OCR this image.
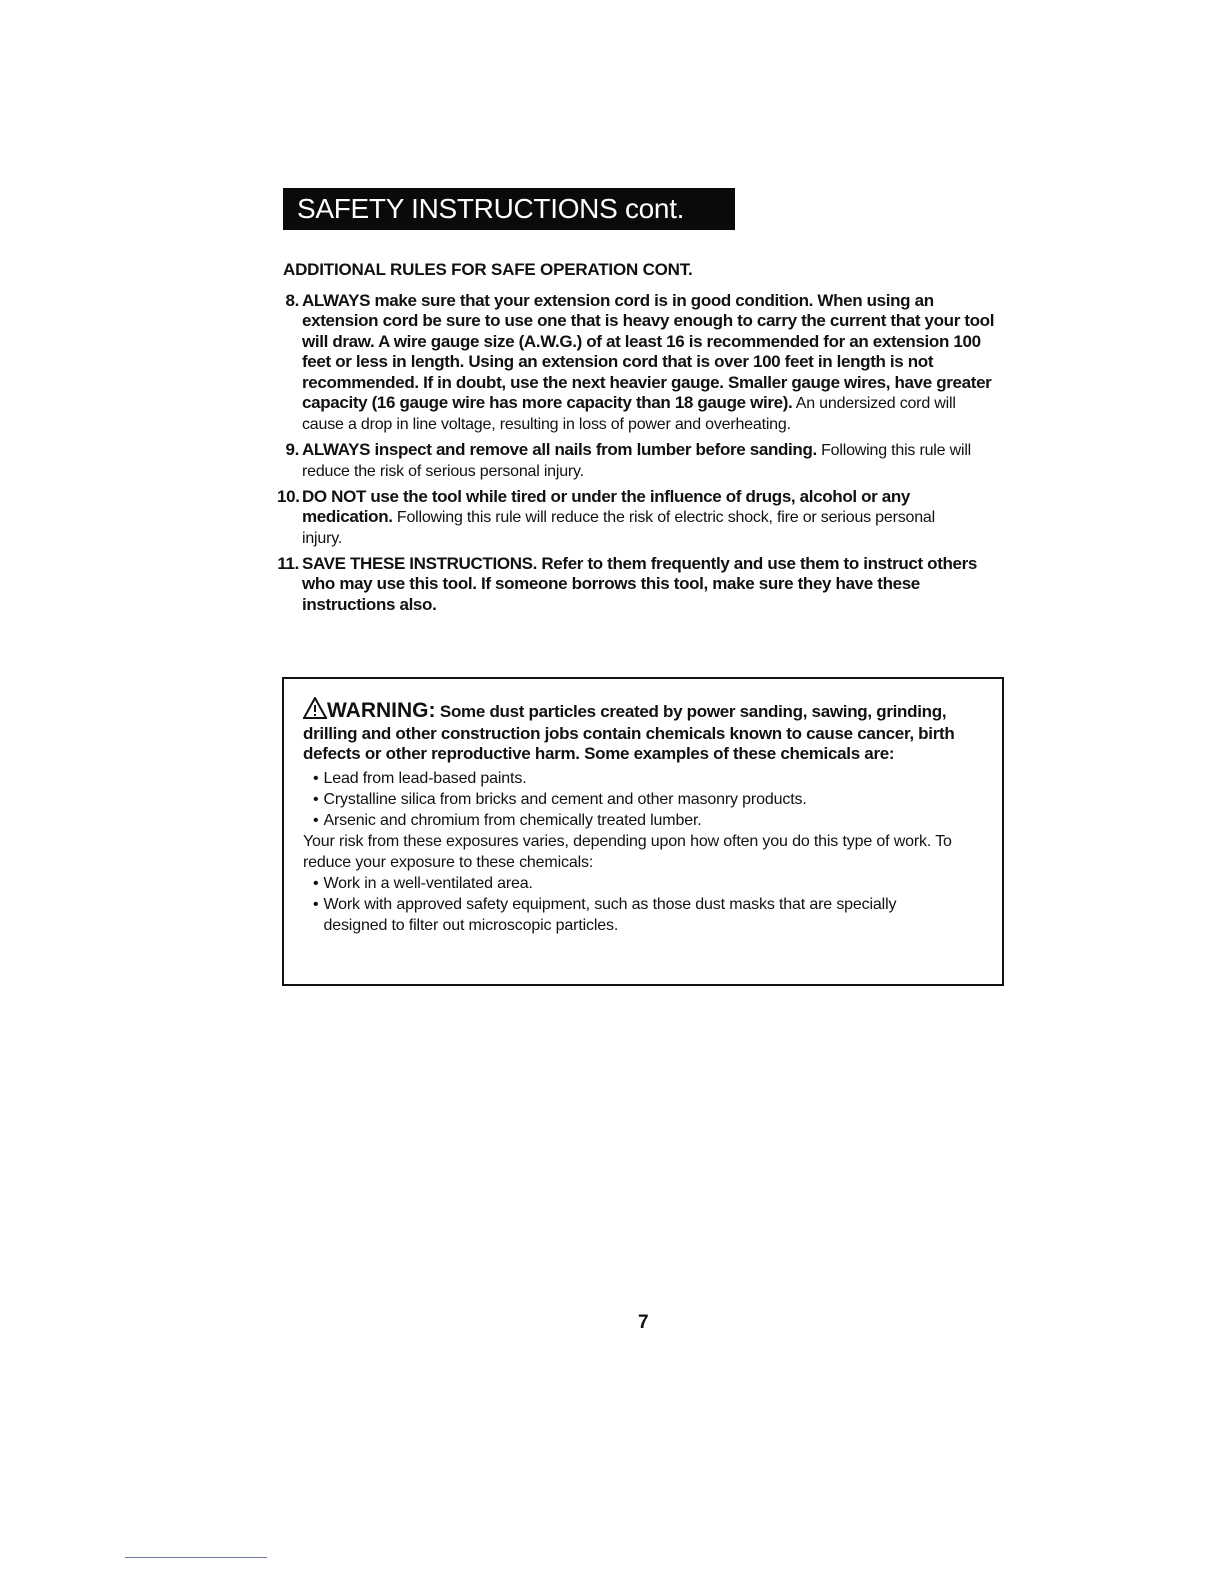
SAFETY INSTRUCTIONS cont.
ADDITIONAL RULES FOR SAFE OPERATION CONT.
8. ALWAYS make sure that your extension cord is in good condition. When using an extension cord be sure to use one that is heavy enough to carry the current that your tool will draw. A wire gauge size (A.W.G.) of at least 16 is recommended for an extension 100 feet or less in length. Using an extension cord that is over 100 feet in length is not recommended. If in doubt, use the next heavier gauge. Smaller gauge wires, have greater capacity (16 gauge wire has more capacity than 18 gauge wire). An undersized cord will cause a drop in line voltage, resulting in loss of power and overheating.
9. ALWAYS inspect and remove all nails from lumber before sanding. Following this rule will reduce the risk of serious personal injury.
10. DO NOT use the tool while tired or under the influence of drugs, alcohol or any medication. Following this rule will reduce the risk of electric shock, fire or serious personal injury.
11. SAVE THESE INSTRUCTIONS. Refer to them frequently and use them to instruct others who may use this tool. If someone borrows this tool, make sure they have these instructions also.
WARNING: Some dust particles created by power sanding, sawing, grinding, drilling and other construction jobs contain chemicals known to cause cancer, birth defects or other reproductive harm. Some examples of these chemicals are:
• Lead from lead-based paints.
• Crystalline silica from bricks and cement and other masonry products.
• Arsenic and chromium from chemically treated lumber.
Your risk from these exposures varies, depending upon how often you do this type of work. To reduce your exposure to these chemicals:
• Work in a well-ventilated area.
• Work with approved safety equipment, such as those dust masks that are specially designed to filter out microscopic particles.
7
